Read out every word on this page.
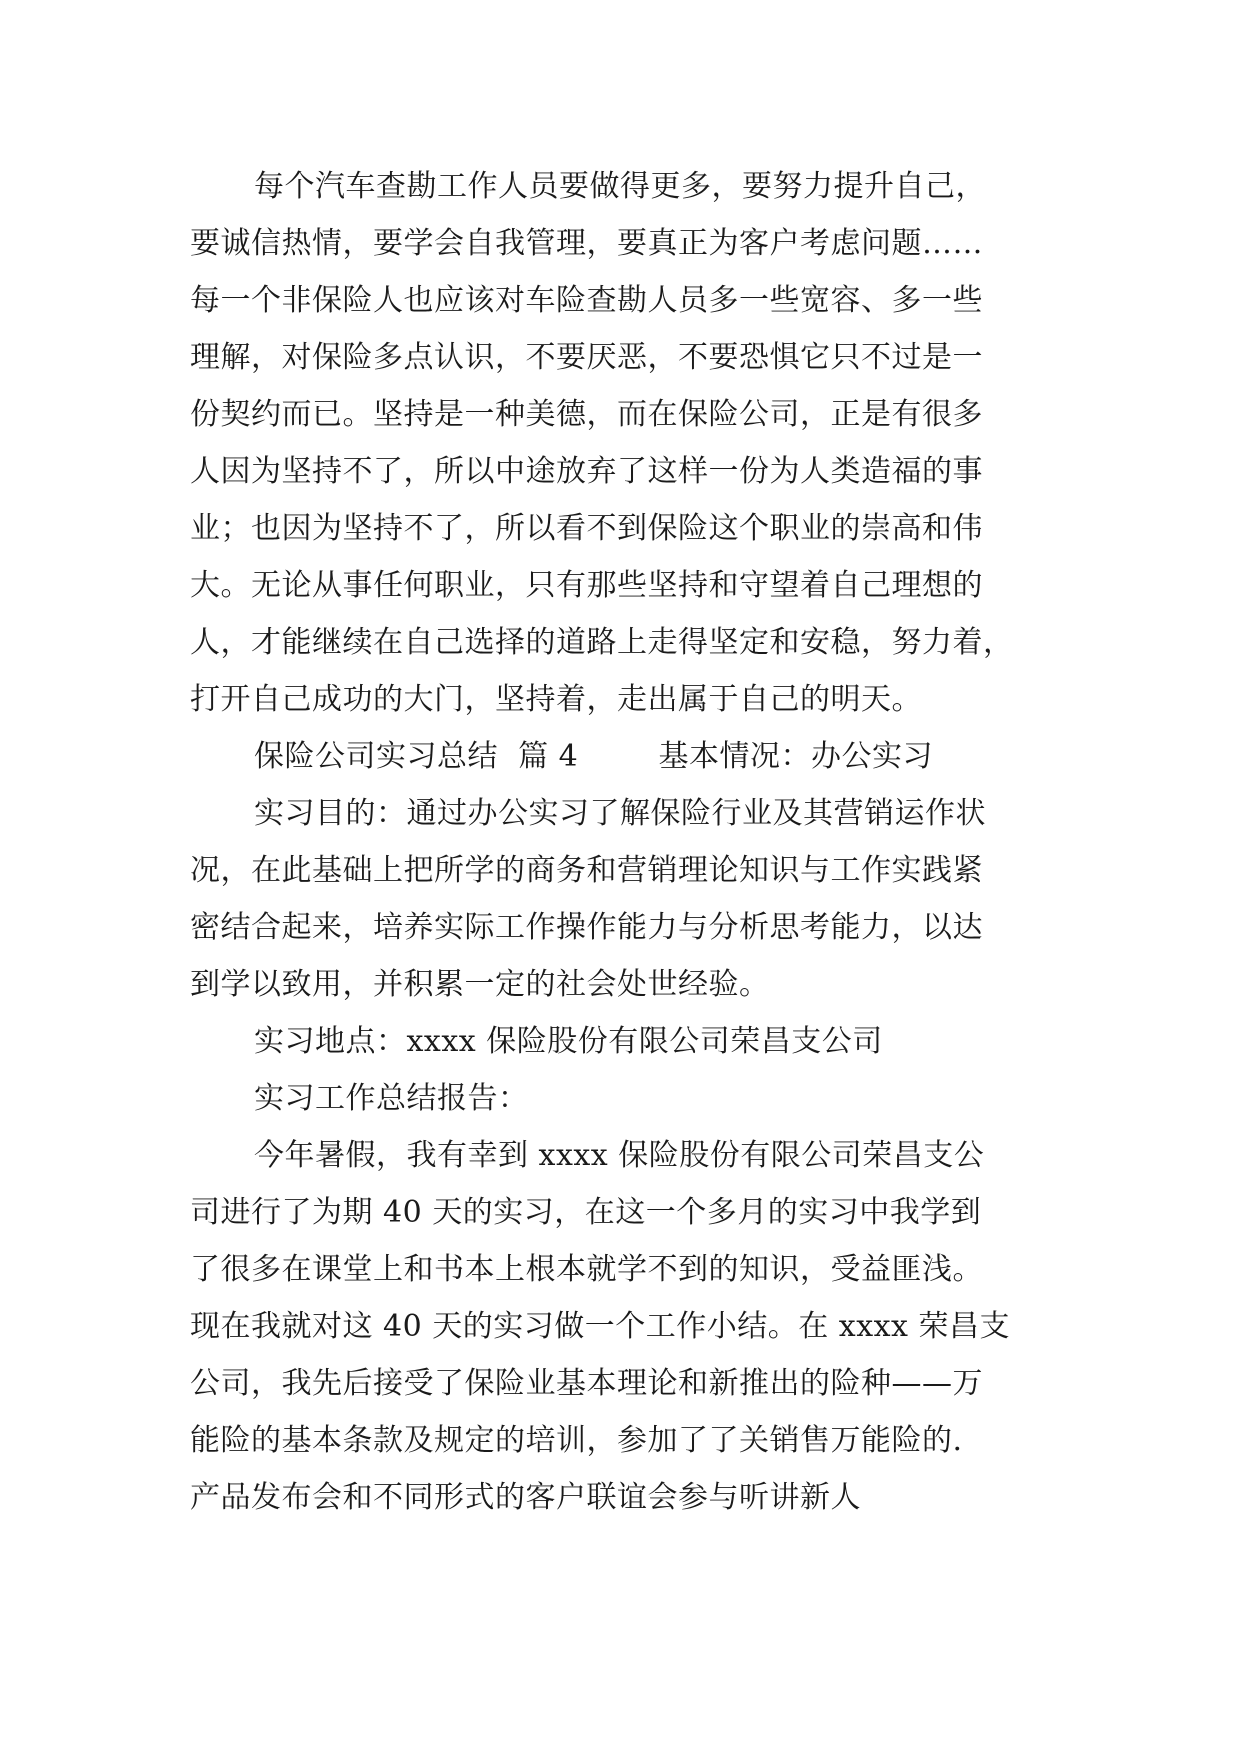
每个汽车查勘工作人员要做得更多，要努力提升自己，
要诚信热情，要学会自我管理，要真正为客户考虑问题……
每一个非保险人也应该对车险查勘人员多一些宽容、多一些
理解，对保险多点认识，不要厌恶，不要恐惧它只不过是一
份契约而已。坚持是一种美德，而在保险公司，正是有很多
人因为坚持不了，所以中途放弃了这样一份为人类造福的事
业；也因为坚持不了，所以看不到保险这个职业的崇高和伟
大。无论从事任何职业，只有那些坚持和守望着自己理想的
人，才能继续在自己选择的道路上走得坚定和安稳，努力着，
打开自己成功的大门，坚持着，走出属于自己的明天。
保险公司实习总结  篇 4        基本情况：办公实习
实习目的：通过办公实习了解保险行业及其营销运作状
况，在此基础上把所学的商务和营销理论知识与工作实践紧
密结合起来，培养实际工作操作能力与分析思考能力，以达
到学以致用，并积累一定的社会处世经验。
实习地点：xxxx 保险股份有限公司荣昌支公司
实习工作总结报告：
今年暑假，我有幸到 xxxx 保险股份有限公司荣昌支公
司进行了为期 40 天的实习，在这一个多月的实习中我学到
了很多在课堂上和书本上根本就学不到的知识，受益匪浅。
现在我就对这 40 天的实习做一个工作小结。在 xxxx 荣昌支
公司，我先后接受了保险业基本理论和新推出的险种——万
能险的基本条款及规定的培训，参加了了关销售万能险的.
产品发布会和不同形式的客户联谊会参与听讲新人
